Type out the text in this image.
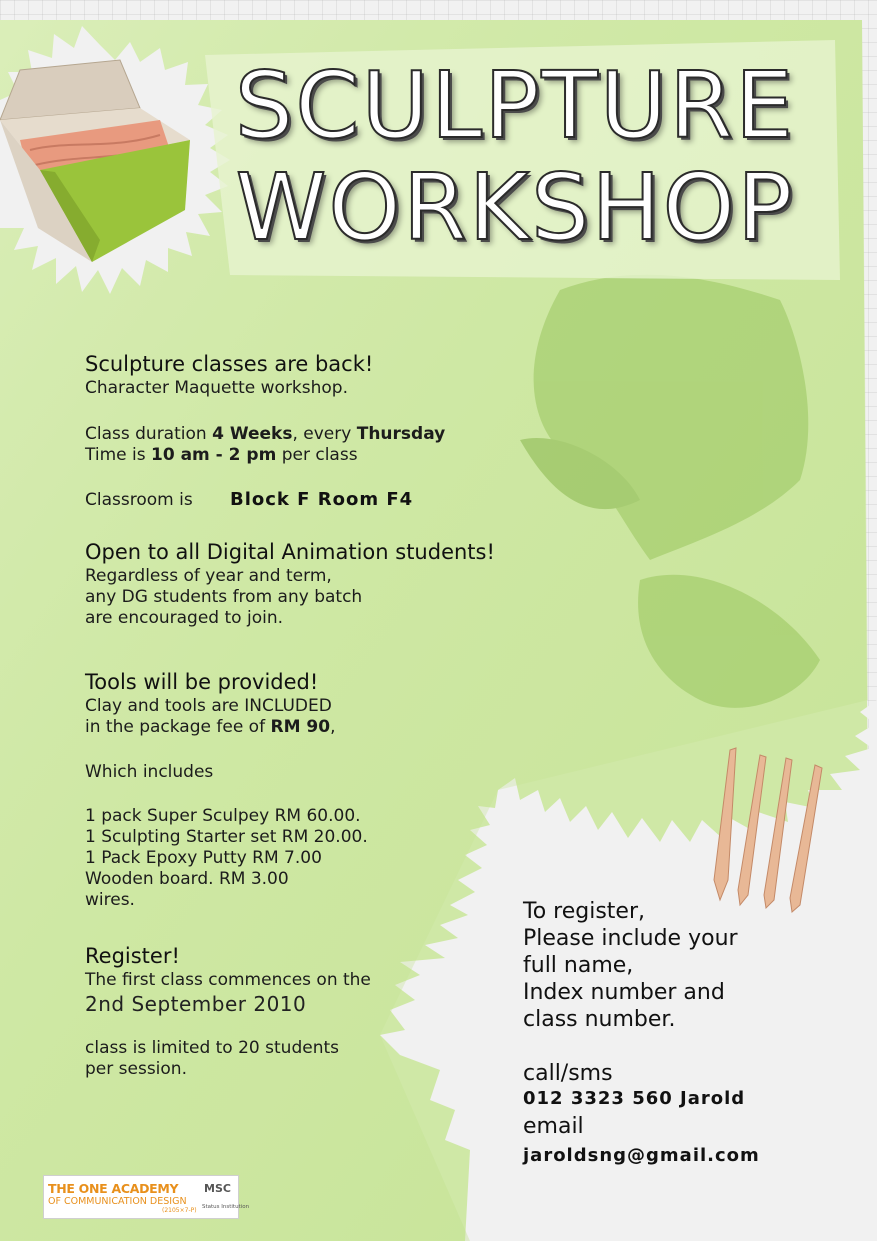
SCULPTURE
WORKSHOP
Sculpture classes are back!
Character Maquette workshop.
Class duration 4 Weeks, every Thursday
Time is 10 am - 2 pm per class
Classroom is Block F Room F4
Open to all Digital Animation students!
Regardless of year and term,
any DG students from any batch
are encouraged to join.
Tools will be provided!
Clay and tools are INCLUDED
in the package fee of RM 90,
Which includes
1 pack Super Sculpey RM 60.00.
1 Sculpting Starter set RM 20.00.
1 Pack Epoxy Putty RM 7.00
Wooden board. RM 3.00
wires.
Register!
The first class commences on the
2nd September 2010
class is limited to 20 students
per session.
To register,
Please include your
full name,
Index number and
class number.
call/sms
012 3323 560 Jarold
email
jaroldsng@gmail.com
THE ONE ACADEMY
OF COMMUNICATION DESIGN
(2105×7-P)
MSC
Status Institution
